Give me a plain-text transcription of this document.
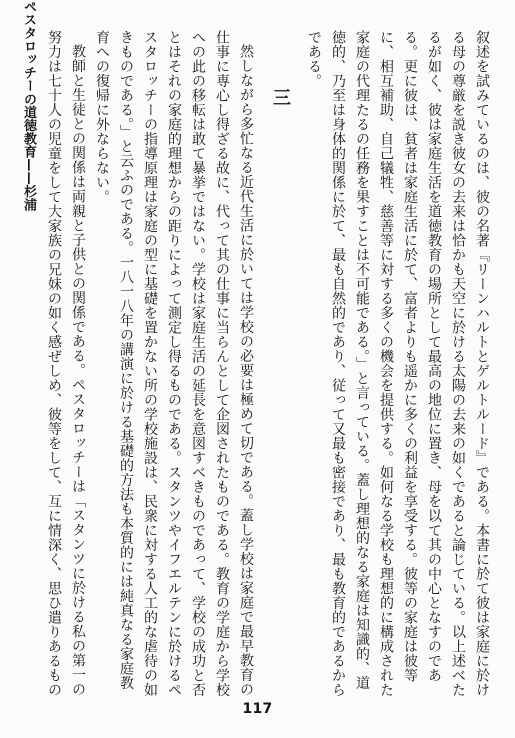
ペスタロッチーの道徳教育——杉浦	叙述を試みているのは、彼の名著『リーンハルトとゲルトルード』である。本書に於て彼は家庭に於ける母の尊厳を説き彼女の去来は恰かも天空に於ける太陽の去来の如くであると論じている。以上述べたるが如く、彼は家庭生活を道徳教育の場所として最高の地位に置き、母を以て其の中心となすのである。更に彼は、貧者は家庭生活に於て、富者よりも遥かに多くの利益を享受する。彼等の家庭は彼等に、相互補助、自己犠牲、慈善等に対する多くの機会を提供する。如何なる学校も理想的に構成された家庭の代理たるの任務を果すことは不可能である。」と言っている。蓋し理想的なる家庭は知識的、道徳的、乃至は身体的関係に於て、最も自然的であり、従って又最も密接であり、最も教育的であるからである。

三

然しながら多忙なる近代生活に於いては学校の必要は極めて切である。蓋し学校は家庭で最早教育の仕事に専心し得ざる故に、代って其の仕事に当らんとして企図されたものである。教育の学庭から学校への此の移転は敢て暴挙ではない。学校は家庭生活の延長を意図すべきものであって、学校の成功と否とはそれの家庭的理想からの距りによって測定し得るものである。スタンツやイフエルテンに於けるペスタロッチーの指導原理は家庭の型に基礎を置かない所の学校施設は、民衆に対する人工的な虐待の如きものである。」と云ふのである。一八一八年の講演に於ける基礎的方法も本質的には純真なる家庭教育への復帰に外ならない。

教師と生徒との関係は両親と子供との関係である。ペスタロッチーは「スタンツに於ける私の第一の努力は七十人の児童をして大家族の兄妹の如く感ぜしめ、彼等をして、互に情深く、思ひ遣りあるもの

117
